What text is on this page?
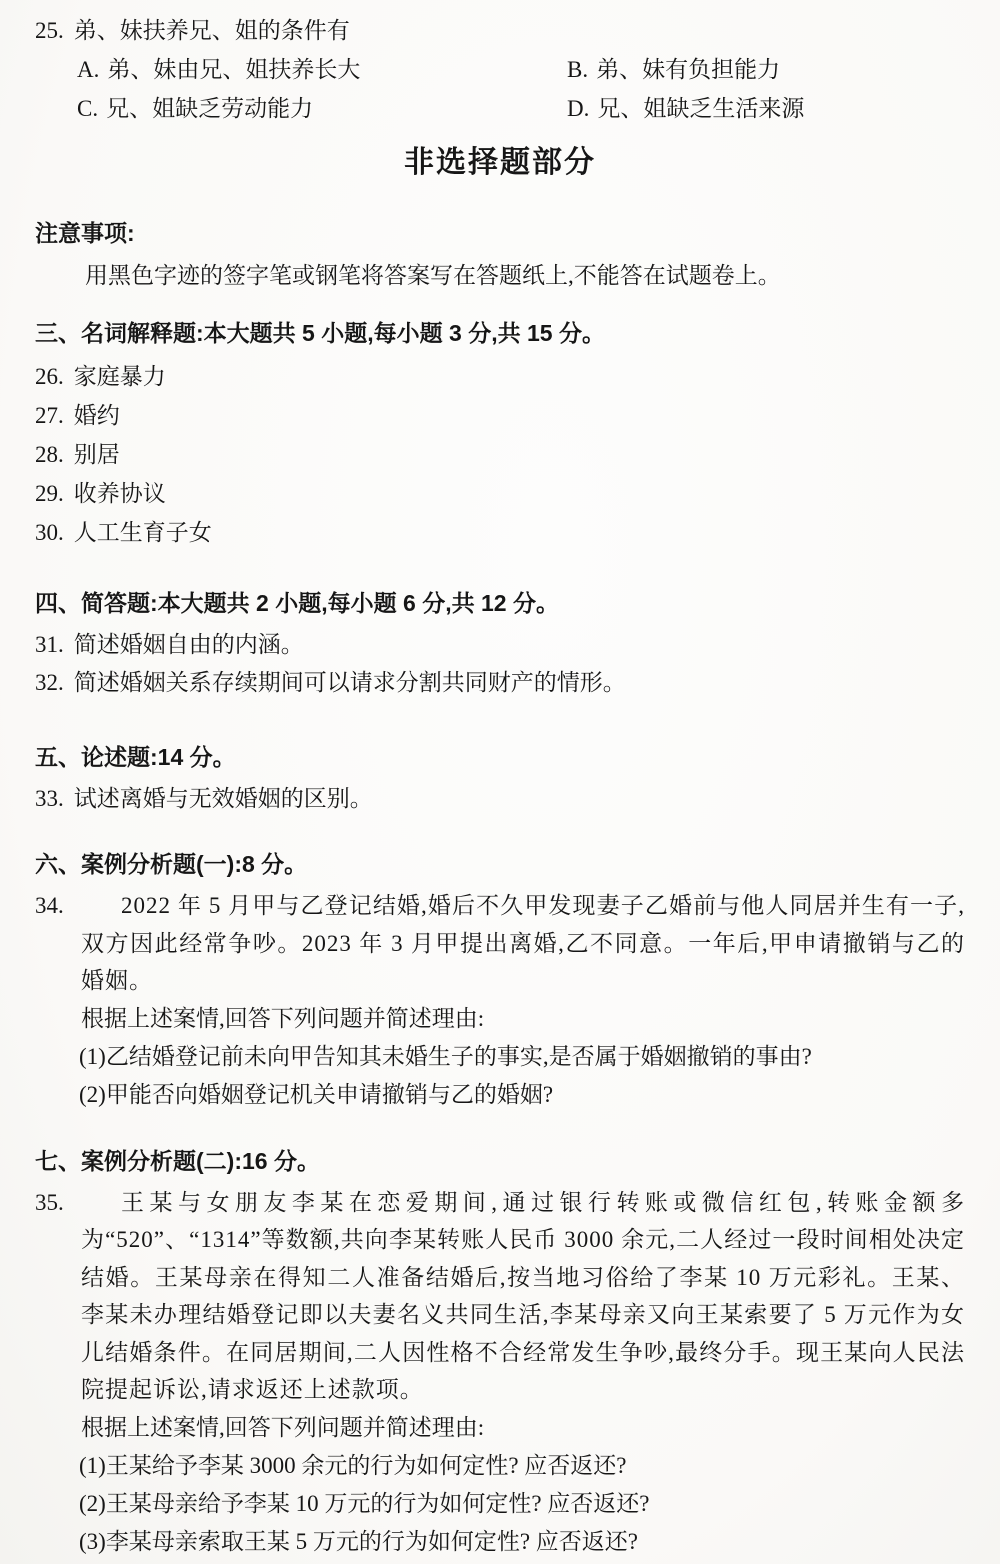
25. 弟、妹扶养兄、姐的条件有
A. 弟、妹由兄、姐扶养长大	B. 弟、妹有负担能力
C. 兄、姐缺乏劳动能力	D. 兄、姐缺乏生活来源
非选择题部分
注意事项:
用黑色字迹的签字笔或钢笔将答案写在答题纸上,不能答在试题卷上。
三、名词解释题:本大题共 5 小题,每小题 3 分,共 15 分。
26. 家庭暴力
27. 婚约
28. 别居
29. 收养协议
30. 人工生育子女
四、简答题:本大题共 2 小题,每小题 6 分,共 12 分。
31. 简述婚姻自由的内涵。
32. 简述婚姻关系存续期间可以请求分割共同财产的情形。
五、论述题:14 分。
33. 试述离婚与无效婚姻的区别。
六、案例分析题(一):8 分。
34.	2022 年 5 月甲与乙登记结婚,婚后不久甲发现妻子乙婚前与他人同居并生有一子,双方因此经常争吵。2023 年 3 月甲提出离婚,乙不同意。一年后,甲申请撤销与乙的婚姻。
根据上述案情,回答下列问题并简述理由:
(1)乙结婚登记前未向甲告知其未婚生子的事实,是否属于婚姻撤销的事由?
(2)甲能否向婚姻登记机关申请撤销与乙的婚姻?
七、案例分析题(二):16 分。
35.	王某与女朋友李某在恋爱期间,通过银行转账或微信红包,转账金额多为“520”、“1314”等数额,共向李某转账人民币 3000 余元,二人经过一段时间相处决定结婚。王某母亲在得知二人准备结婚后,按当地习俗给了李某 10 万元彩礼。王某、李某未办理结婚登记即以夫妻名义共同生活,李某母亲又向王某索要了 5 万元作为女儿结婚条件。在同居期间,二人因性格不合经常发生争吵,最终分手。现王某向人民法院提起诉讼,请求返还上述款项。
根据上述案情,回答下列问题并简述理由:
(1)王某给予李某 3000 余元的行为如何定性? 应否返还?
(2)王某母亲给予李某 10 万元的行为如何定性? 应否返还?
(3)李某母亲索取王某 5 万元的行为如何定性? 应否返还?
